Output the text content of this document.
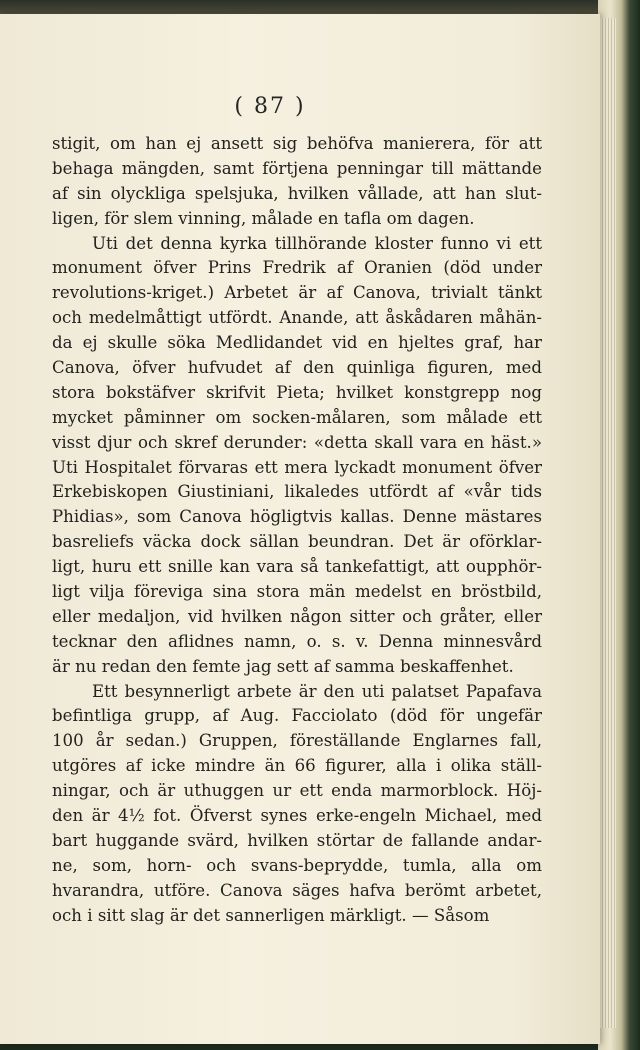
( 87 )
stigit, om han ej ansett sig behöfva manierera, för att
behaga mängden, samt förtjena penningar till mättande
af sin olyckliga spelsjuka, hvilken vållade, att han slut-
ligen, för slem vinning, målade en tafla om dagen.
Uti det denna kyrka tillhörande kloster funno vi ett
monument öfver Prins Fredrik af Oranien (död under
revolutions-kriget.) Arbetet är af Canova, trivialt tänkt
och medelmåttigt utfördt. Anande, att åskådaren måhän-
da ej skulle söka Medlidandet vid en hjeltes graf, har
Canova, öfver hufvudet af den quinliga figuren, med
stora bokstäfver skrifvit Pieta; hvilket konstgrepp nog
mycket påminner om socken-målaren, som målade ett
visst djur och skref derunder: «detta skall vara en häst.»
Uti Hospitalet förvaras ett mera lyckadt monument öfver
Erkebiskopen Giustiniani, likaledes utfördt af «vår tids
Phidias», som Canova högligtvis kallas. Denne mästares
basreliefs väcka dock sällan beundran. Det är oförklar-
ligt, huru ett snille kan vara så tankefattigt, att oupphör-
ligt vilja föreviga sina stora män medelst en bröstbild,
eller medaljon, vid hvilken någon sitter och gråter, eller
tecknar den aflidnes namn, o. s. v. Denna minnesvård
är nu redan den femte jag sett af samma beskaffenhet.
Ett besynnerligt arbete är den uti palatset Papafava
befintliga grupp, af Aug. Facciolato (död för ungefär
100 år sedan.) Gruppen, föreställande Englarnes fall,
utgöres af icke mindre än 66 figurer, alla i olika ställ-
ningar, och är uthuggen ur ett enda marmorblock. Höj-
den är 4½ fot. Öfverst synes erke-engeln Michael, med
bart huggande svärd, hvilken störtar de fallande andar-
ne, som, horn- och svans-beprydde, tumla, alla om
hvarandra, utföre. Canova säges hafva berömt arbetet,
och i sitt slag är det sannerligen märkligt. — Såsom
